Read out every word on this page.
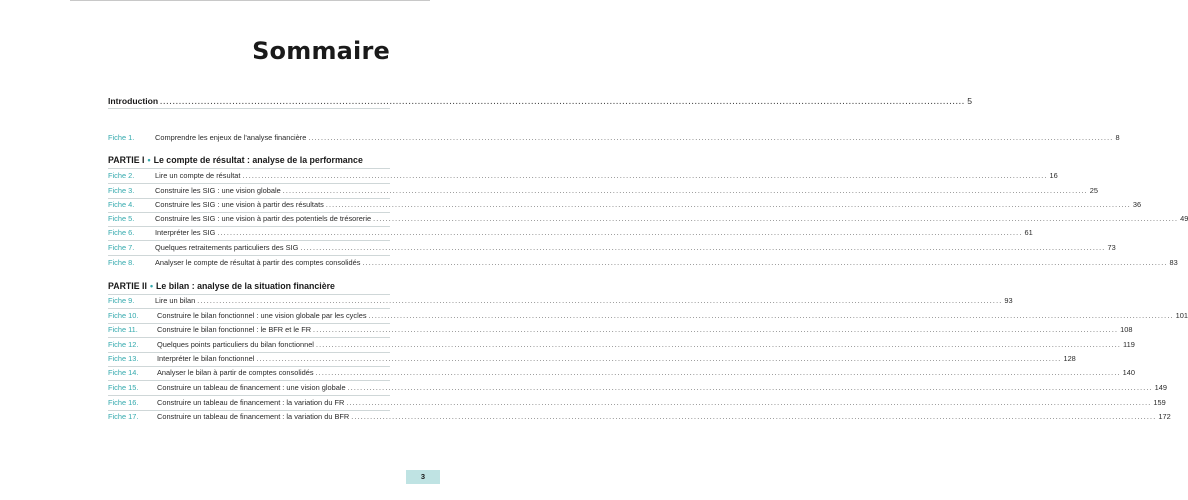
Sommaire
Introduction .....	5
Fiche 1.	Comprendre les enjeux de l'analyse financière .....	8
PARTIE I • Le compte de résultat : analyse de la performance
Fiche 2.	Lire un compte de résultat .....	16
Fiche 3.	Construire les SIG : une vision globale .....	25
Fiche 4.	Construire les SIG : une vision à partir des résultats .....	36
Fiche 5.	Construire les SIG : une vision à partir des potentiels de trésorerie .....	49
Fiche 6.	Interpréter les SIG .....	61
Fiche 7.	Quelques retraitements particuliers des SIG .....	73
Fiche 8.	Analyser le compte de résultat à partir des comptes consolidés .....	83
PARTIE II • Le bilan : analyse de la situation financière
Fiche 9.	Lire un bilan .....	93
Fiche 10.	Construire le bilan fonctionnel : une vision globale par les cycles .....	101
Fiche 11.	Construire le bilan fonctionnel : le BFR et le FR .....	108
Fiche 12.	Quelques points particuliers du bilan fonctionnel .....	119
Fiche 13.	Interpréter le bilan fonctionnel .....	128
Fiche 14.	Analyser le bilan à partir de comptes consolidés .....	140
Fiche 15.	Construire un tableau de financement : une vision globale .....	149
Fiche 16.	Construire un tableau de financement : la variation du FR .....	159
Fiche 17.	Construire un tableau de financement : la variation du BFR .....	172
3
